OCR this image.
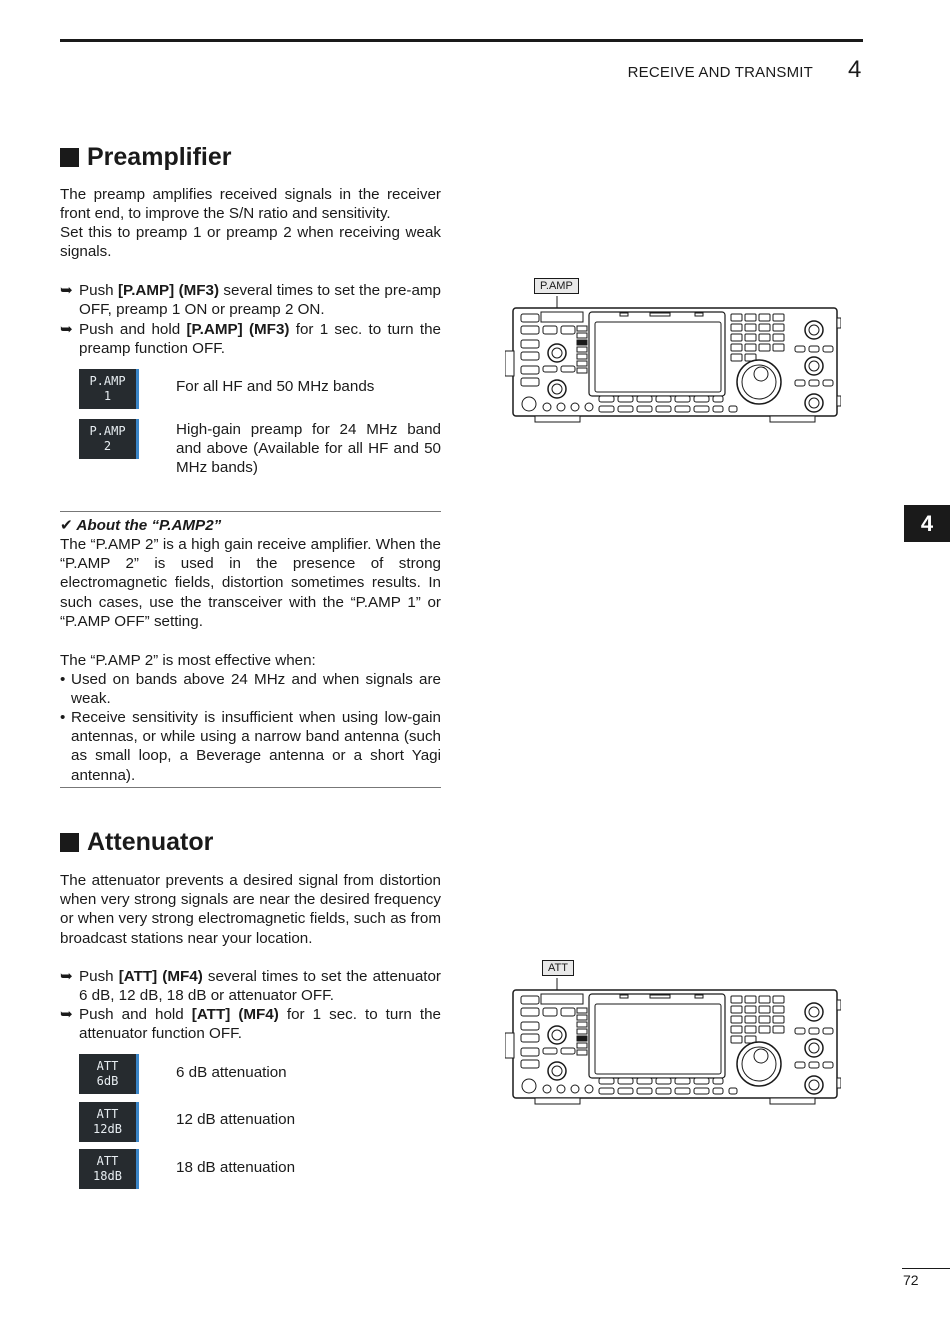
RECEIVE AND TRANSMIT 4
4
Preamplifier
The preamp amplifies received signals in the receiver front end, to improve the S/N ratio and sensitivity.
Set this to preamp 1 or preamp 2 when receiving weak signals.
➥ Push [P.AMP] (MF3) several times to set the pre-amp OFF, preamp 1 ON or preamp 2 ON.
➥ Push and hold [P.AMP] (MF3) for 1 sec. to turn the preamp function OFF.
P.AMP
1
For all HF and 50 MHz bands
P.AMP
2
High-gain preamp for 24 MHz band and above (Available for all HF and 50 MHz bands)
✔ About the “P.AMP2”
The “P.AMP 2” is a high gain receive amplifier. When the “P.AMP 2” is used in the presence of strong electromagnetic fields, distortion sometimes results. In such cases, use the transceiver with the “P.AMP 1” or “P.AMP OFF” setting.
The “P.AMP 2” is most effective when:
• Used on bands above 24 MHz and when signals are weak.
• Receive sensitivity is insufficient when using low-gain antennas, or while using a narrow band antenna (such as small loop, a Beverage antenna or a short Yagi antenna).
Attenuator
The attenuator prevents a desired signal from distortion when very strong signals are near the desired frequency or when very strong electromagnetic fields, such as from broadcast stations near your location.
➥ Push [ATT] (MF4) several times to set the attenuator 6 dB, 12 dB, 18 dB or attenuator OFF.
➥ Push and hold [ATT] (MF4) for 1 sec. to turn the attenuator function OFF.
ATT
6dB	6 dB attenuation
ATT
12dB
12 dB attenuation
ATT
18dB	18 dB attenuation
P.AMP
ATT
72
